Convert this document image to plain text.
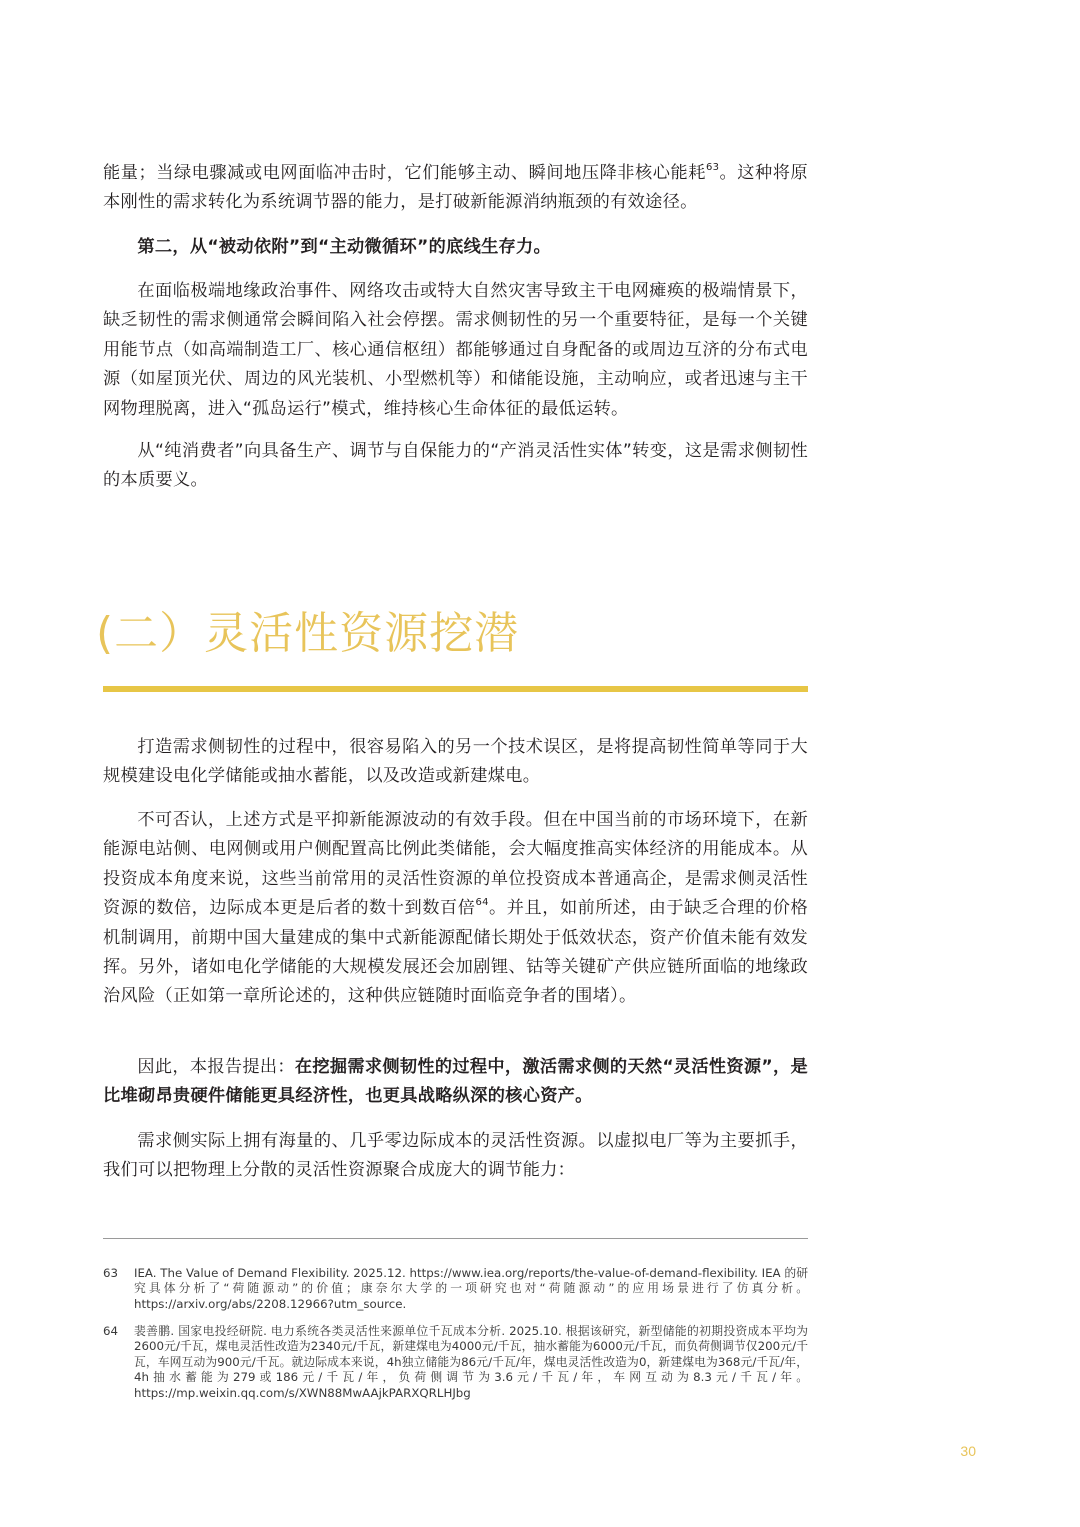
能量；当绿电骤减或电网面临冲击时，它们能够主动、瞬间地压降非核心能耗$^{63}$。这种将原本刚性的需求转化为系统调节器的能力，是打破新能源消纳瓶颈的有效途径。

第二，从“被动依附”到“主动微循环”的底线生存力。

在面临极端地缘政治事件、网络攻击或特大自然灾害导致主干电网瘫痪的极端情景下，缺乏韧性的需求侧通常会瞬间陷入社会停摆。需求侧韧性的另一个重要特征，是每一个关键用能节点（如高端制造工厂、核心通信枢纽）都能够通过自身配备的或周边互济的分布式电源（如屋顶光伏、周边的风光装机、小型燃机等）和储能设施，主动响应，或者迅速与主干网物理脱离，进入“孤岛运行”模式，维持核心生命体征的最低运转。

从“纯消费者”向具备生产、调节与自保能力的“产消灵活性实体”转变，这是需求侧韧性的本质要义。

(二）灵活性资源挖潜

打造需求侧韧性的过程中，很容易陷入的另一个技术误区，是将提高韧性简单等同于大规模建设电化学储能或抽水蓄能，以及改造或新建煤电。

不可否认，上述方式是平抑新能源波动的有效手段。但在中国当前的市场环境下，在新能源电站侧、电网侧或用户侧配置高比例此类储能，会大幅度推高实体经济的用能成本。从投资成本角度来说，这些当前常用的灵活性资源的单位投资成本普通高企，是需求侧灵活性资源的数倍，边际成本更是后者的数十到数百倍$^{64}$。并且，如前所述，由于缺乏合理的价格机制调用，前期中国大量建成的集中式新能源配储长期处于低效状态，资产价值未能有效发挥。另外，诸如电化学储能的大规模发展还会加剧锂、钴等关键矿产供应链所面临的地缘政治风险（正如第一章所论述的，这种供应链随时面临竞争者的围堵）。

因此，本报告提出：在挖掘需求侧韧性的过程中，激活需求侧的天然“灵活性资源”，是比堆砌昂贵硬件储能更具经济性，也更具战略纵深的核心资产。

需求侧实际上拥有海量的、几乎零边际成本的灵活性资源。以虚拟电厂等为主要抓手，我们可以把物理上分散的灵活性资源聚合成庞大的调节能力：

63 IEA. The Value of Demand Flexibility. 2025.12. https://www.iea.org/reports/the-value-of-demand-flexibility. IEA 的研究具体分析了“荷随源动”的价值；康奈尔大学的一项研究也对“荷随源动”的应用场景进行了仿真分析。https://arxiv.org/abs/2208.12966?utm_source.
64 裴善鹏. 国家电投经研院. 电力系统各类灵活性来源单位千瓦成本分析. 2025.10. 根据该研究，新型储能的初期投资成本平均为2600元/千瓦，煤电灵活性改造为2340元/千瓦，新建煤电为4000元/千瓦，抽水蓄能为6000元/千瓦，而负荷侧调节仅200元/千瓦，车网互动为900元/千瓦。就边际成本来说，4h独立储能为86元/千瓦/年，煤电灵活性改造为0，新建煤电为368元/千瓦/年，4h抽水蓄能为279或186元/千瓦/年，负荷侧调节为3.6元/千瓦/年，车网互动为8.3元/千瓦/年。https://mp.weixin.qq.com/s/XWN88MwAAjkPARXQRLHJbg
30
